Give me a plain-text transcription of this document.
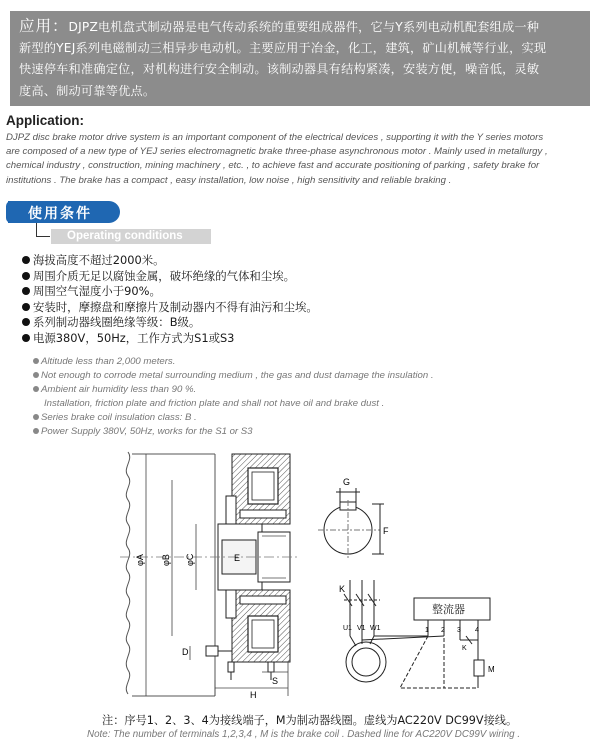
应用：DJPZ电机盘式制动器是电气传动系统的重要组成器件，它与Y系列电动机配套组成一种
新型的YEJ系列电磁制动三相异步电动机。主要应用于冶金，化工，建筑，矿山机械等行业，实现
快速停车和准确定位，对机构进行安全制动。该制动器具有结构紧凑，安装方便，噪音低，灵敏
度高、制动可靠等优点。
Application:
DJPZ disc brake motor drive system is an important component of the electrical devices , supporting it with the Y series motors
are composed of a new type of YEJ series electromagnetic brake three-phase asynchronous motor . Mainly used in metallurgy ,
chemical industry , construction, mining machinery , etc. , to achieve fast and accurate positioning of parking , safety brake for
institutions . The brake has a compact , easy installation, low noise , high sensitivity and reliable braking .
使用条件
Operating conditions
海拔高度不超过2000米。
周围介质无足以腐蚀金属，破坏绝缘的气体和尘埃。
周围空气湿度小于90%。
安装时，摩擦盘和摩擦片及制动器内不得有油污和尘埃。
系列制动器线圈绝缘等级：B级。
电源380V，50Hz，工作方式为S1或S3
Altitude less than 2,000 meters.
Not enough to corrode metal surrounding medium , the gas and dust damage the insulation .
Ambient air humidity less than 90 %.
Installation, friction plate and friction plate and shall not have oil and brake dust .
Series brake coil insulation class: B .
Power Supply 380V, 50Hz, works for the S1 or S3
φA φB φC	E
D
S
H
G
F
K
U1 V1 W1
整流器
1 2 3 4
K
M
注：序号1、2、3、4为接线端子，M为制动器线圈。虚线为AC220V DC99V接线。
Note: The number of terminals 1,2,3,4 , M is the brake coil . Dashed line for AC220V DC99V wiring .
